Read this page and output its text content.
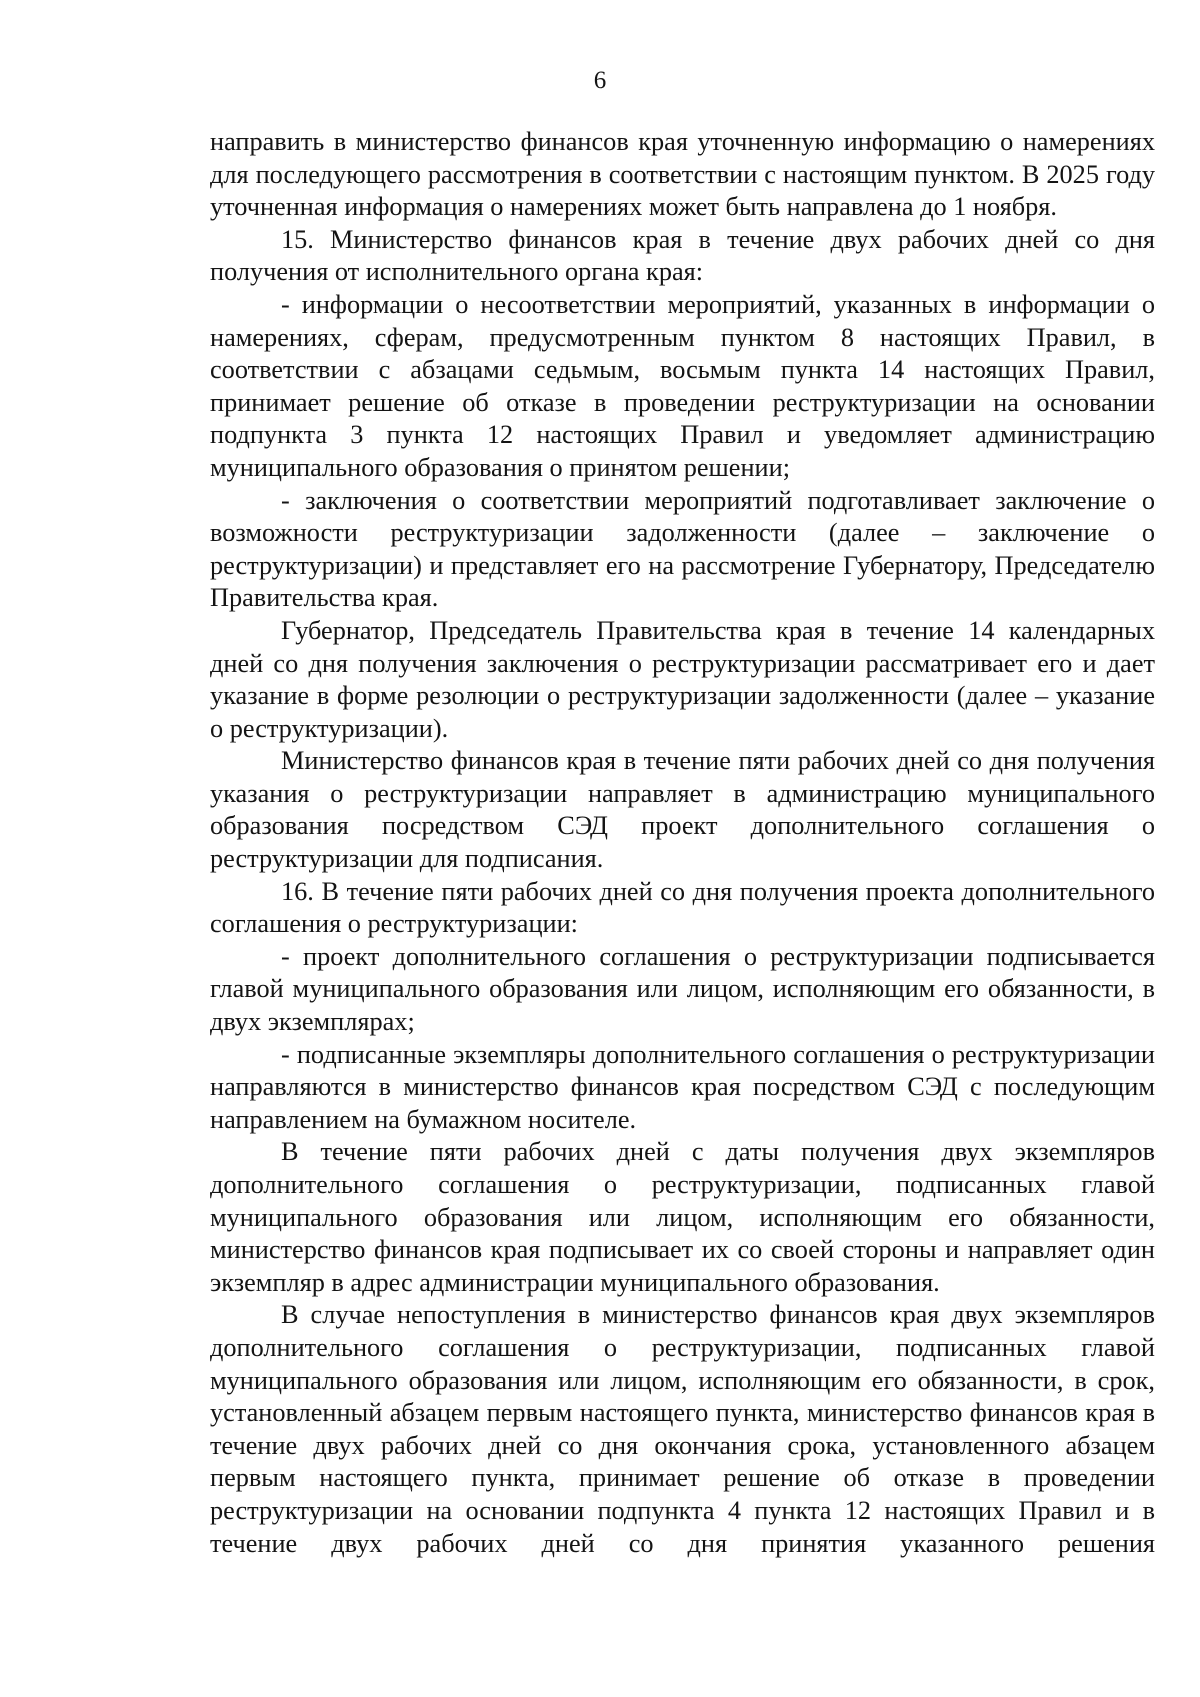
6

направить в министерство финансов края уточненную информацию о намерениях для последующего рассмотрения в соответствии с настоящим пунктом. В 2025 году уточненная информация о намерениях может быть направлена до 1 ноября.

15. Министерство финансов края в течение двух рабочих дней со дня получения от исполнительного органа края:

- информации о несоответствии мероприятий, указанных в информации о намерениях, сферам, предусмотренным пунктом 8 настоящих Правил, в соответствии с абзацами седьмым, восьмым пункта 14 настоящих Правил, принимает решение об отказе в проведении реструктуризации на основании подпункта 3 пункта 12 настоящих Правил и уведомляет администрацию муниципального образования о принятом решении;

- заключения о соответствии мероприятий подготавливает заключение о возможности реструктуризации задолженности (далее – заключение о реструктуризации) и представляет его на рассмотрение Губернатору, Председателю Правительства края.

Губернатор, Председатель Правительства края в течение 14 календарных дней со дня получения заключения о реструктуризации рассматривает его и дает указание в форме резолюции о реструктуризации задолженности (далее – указание о реструктуризации).

Министерство финансов края в течение пяти рабочих дней со дня получения указания о реструктуризации направляет в администрацию муниципального образования посредством СЭД проект дополнительного соглашения о реструктуризации для подписания.

16. В течение пяти рабочих дней со дня получения проекта дополнительного соглашения о реструктуризации:

- проект дополнительного соглашения о реструктуризации подписывается главой муниципального образования или лицом, исполняющим его обязанности, в двух экземплярах;

- подписанные экземпляры дополнительного соглашения о реструктуризации направляются в министерство финансов края посредством СЭД с последующим направлением на бумажном носителе.

В течение пяти рабочих дней с даты получения двух экземпляров дополнительного соглашения о реструктуризации, подписанных главой муниципального образования или лицом, исполняющим его обязанности, министерство финансов края подписывает их со своей стороны и направляет один экземпляр в адрес администрации муниципального образования.

В случае непоступления в министерство финансов края двух экземпляров дополнительного соглашения о реструктуризации, подписанных главой муниципального образования или лицом, исполняющим его обязанности, в срок, установленный абзацем первым настоящего пункта, министерство финансов края в течение двух рабочих дней со дня окончания срока, установленного абзацем первым настоящего пункта, принимает решение об отказе в проведении реструктуризации на основании подпункта 4 пункта 12 настоящих Правил и в течение двух рабочих дней со дня принятия указанного решения
